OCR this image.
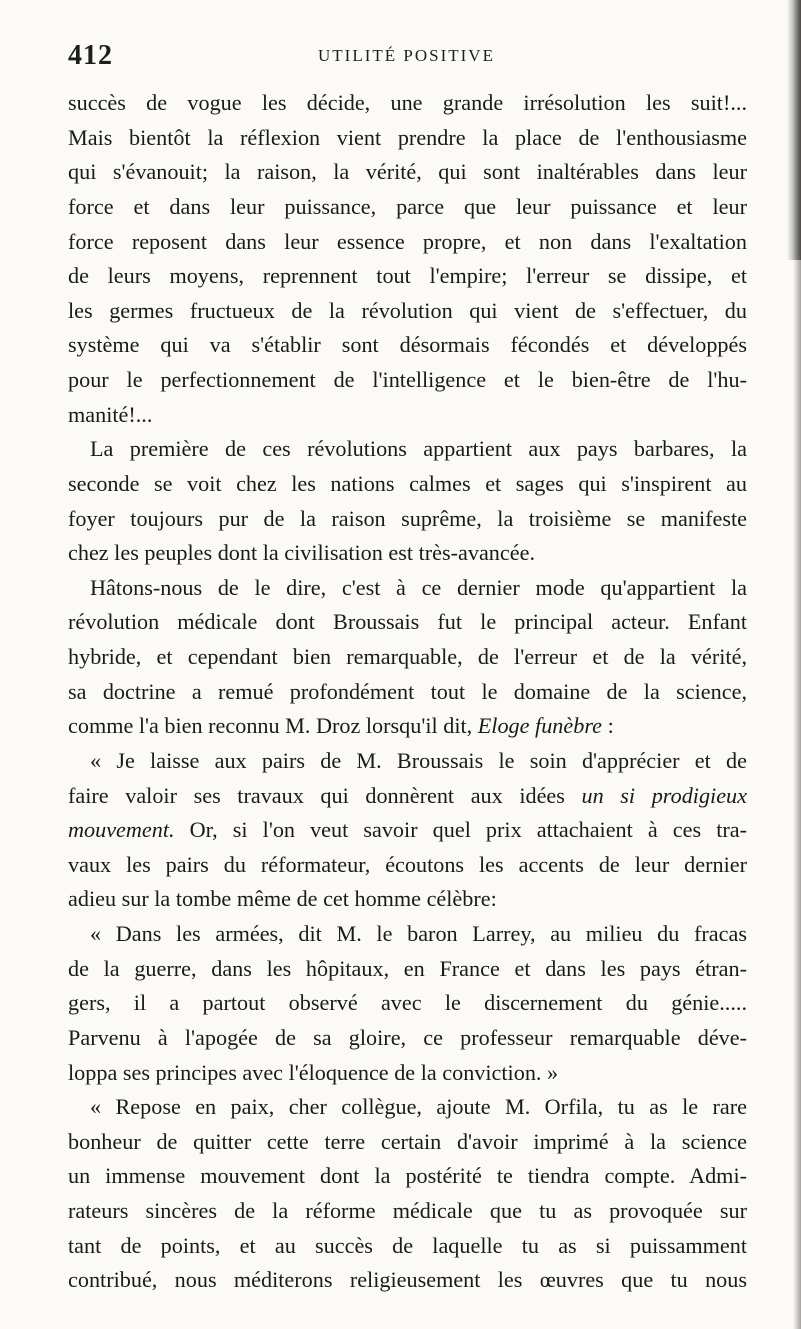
412	UTILITÉ POSITIVE
succès de vogue les décide, une grande irrésolution les suit!...
Mais bientôt la réflexion vient prendre la place de l'enthousiasme
qui s'évanouit; la raison, la vérité, qui sont inaltérables dans leur
force et dans leur puissance, parce que leur puissance et leur
force reposent dans leur essence propre, et non dans l'exaltation
de leurs moyens, reprennent tout l'empire; l'erreur se dissipe, et
les germes fructueux de la révolution qui vient de s'effectuer, du
système qui va s'établir sont désormais fécondés et développés
pour le perfectionnement de l'intelligence et le bien-être de l'hu-
manité!...
La première de ces révolutions appartient aux pays barbares, la
seconde se voit chez les nations calmes et sages qui s'inspirent au
foyer toujours pur de la raison suprême, la troisième se manifeste
chez les peuples dont la civilisation est très-avancée.
Hâtons-nous de le dire, c'est à ce dernier mode qu'appartient la
révolution médicale dont Broussais fut le principal acteur. Enfant
hybride, et cependant bien remarquable, de l'erreur et de la vérité,
sa doctrine a remué profondément tout le domaine de la science,
comme l'a bien reconnu M. Droz lorsqu'il dit, Eloge funèbre :
« Je laisse aux pairs de M. Broussais le soin d'apprécier et de
faire valoir ses travaux qui donnèrent aux idées un si prodigieux
mouvement. Or, si l'on veut savoir quel prix attachaient à ces tra-
vaux les pairs du réformateur, écoutons les accents de leur dernier
adieu sur la tombe même de cet homme célèbre:
« Dans les armées, dit M. le baron Larrey, au milieu du fracas
de la guerre, dans les hôpitaux, en France et dans les pays étran-
gers, il a partout observé avec le discernement du génie.....
Parvenu à l'apogée de sa gloire, ce professeur remarquable déve-
loppa ses principes avec l'éloquence de la conviction. »
« Repose en paix, cher collègue, ajoute M. Orfila, tu as le rare
bonheur de quitter cette terre certain d'avoir imprimé à la science
un immense mouvement dont la postérité te tiendra compte. Admi-
rateurs sincères de la réforme médicale que tu as provoquée sur
tant de points, et au succès de laquelle tu as si puissamment
contribué, nous méditerons religieusement les œuvres que tu nous
